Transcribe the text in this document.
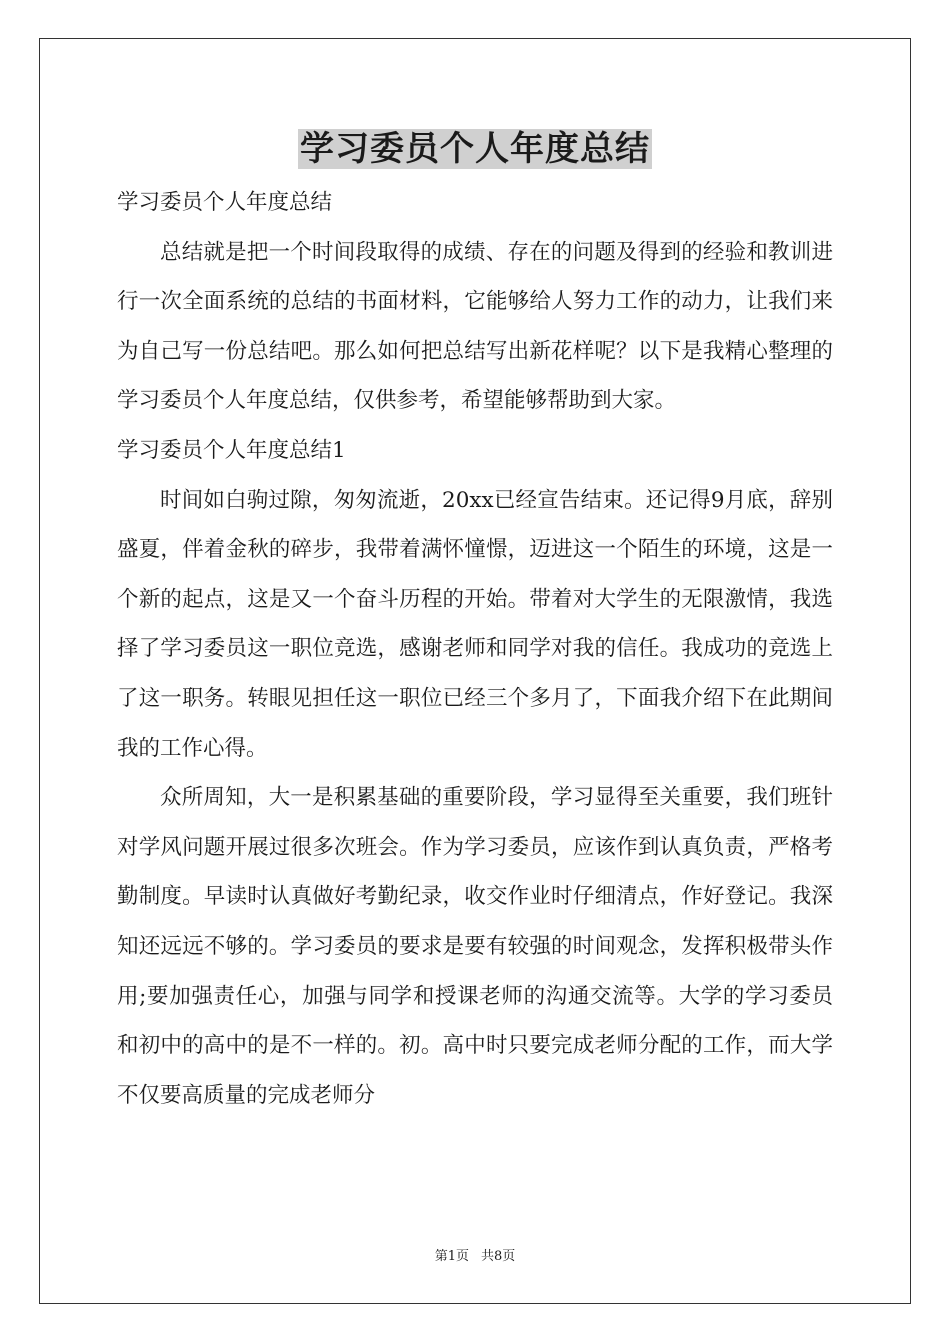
学习委员个人年度总结

学习委员个人年度总结

总结就是把一个时间段取得的成绩、存在的问题及得到的经验和教训进行一次全面系统的总结的书面材料，它能够给人努力工作的动力，让我们来为自己写一份总结吧。那么如何把总结写出新花样呢？以下是我精心整理的学习委员个人年度总结，仅供参考，希望能够帮助到大家。

学习委员个人年度总结1

时间如白驹过隙，匆匆流逝，20xx已经宣告结束。还记得9月底，辞别盛夏，伴着金秋的碎步，我带着满怀憧憬，迈进这一个陌生的环境，这是一个新的起点，这是又一个奋斗历程的开始。带着对大学生的无限激情，我选择了学习委员这一职位竞选，感谢老师和同学对我的信任。我成功的竞选上了这一职务。转眼见担任这一职位已经三个多月了，下面我介绍下在此期间我的工作心得。

众所周知，大一是积累基础的重要阶段，学习显得至关重要，我们班针对学风问题开展过很多次班会。作为学习委员，应该作到认真负责，严格考勤制度。早读时认真做好考勤纪录，收交作业时仔细清点，作好登记。我深知还远远不够的。学习委员的要求是要有较强的时间观念，发挥积极带头作用;要加强责任心，加强与同学和授课老师的沟通交流等。大学的学习委员和初中的高中的是不一样的。初。高中时只要完成老师分配的工作，而大学不仅要高质量的完成老师分

第1页 共8页
